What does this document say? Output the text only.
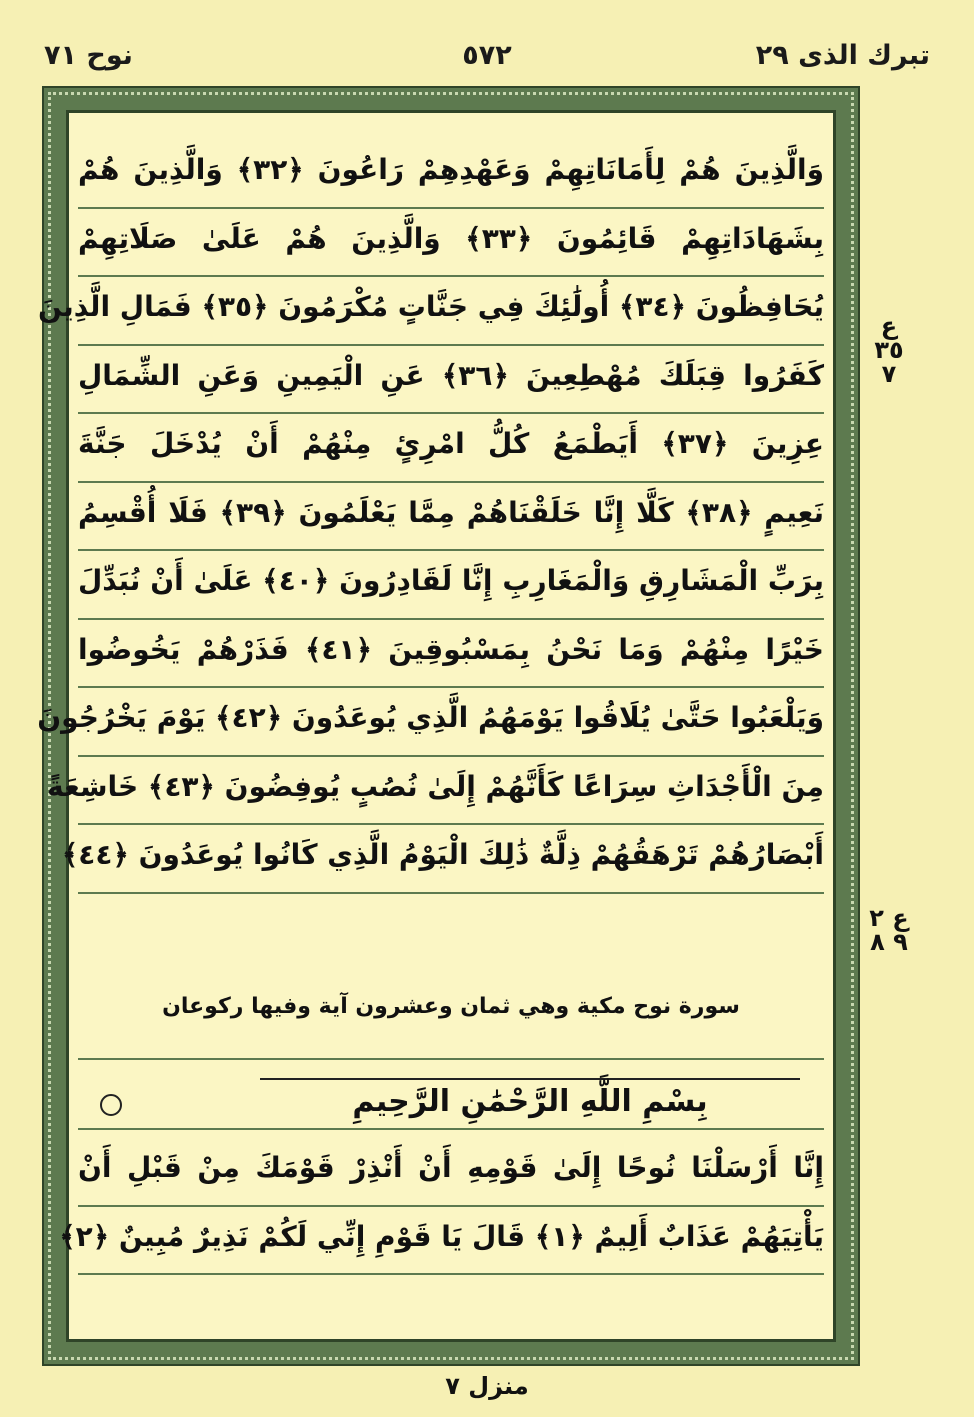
تبرك الذى ٢٩
٥٧٢
نوح ٧١
وَالَّذِينَ هُمْ لِأَمَانَاتِهِمْ وَعَهْدِهِمْ رَاعُونَ ﴿٣٢﴾ وَالَّذِينَ هُمْ
بِشَهَادَاتِهِمْ قَائِمُونَ ﴿٣٣﴾ وَالَّذِينَ هُمْ عَلَىٰ صَلَاتِهِمْ
يُحَافِظُونَ ﴿٣٤﴾ أُولَٰئِكَ فِي جَنَّاتٍ مُكْرَمُونَ ﴿٣٥﴾ فَمَالِ الَّذِينَ
كَفَرُوا قِبَلَكَ مُهْطِعِينَ ﴿٣٦﴾ عَنِ الْيَمِينِ وَعَنِ الشِّمَالِ
عِزِينَ ﴿٣٧﴾ أَيَطْمَعُ كُلُّ امْرِئٍ مِنْهُمْ أَنْ يُدْخَلَ جَنَّةَ
نَعِيمٍ ﴿٣٨﴾ كَلَّا إِنَّا خَلَقْنَاهُمْ مِمَّا يَعْلَمُونَ ﴿٣٩﴾ فَلَا أُقْسِمُ
بِرَبِّ الْمَشَارِقِ وَالْمَغَارِبِ إِنَّا لَقَادِرُونَ ﴿٤٠﴾ عَلَىٰ أَنْ نُبَدِّلَ
خَيْرًا مِنْهُمْ وَمَا نَحْنُ بِمَسْبُوقِينَ ﴿٤١﴾ فَذَرْهُمْ يَخُوضُوا
وَيَلْعَبُوا حَتَّىٰ يُلَاقُوا يَوْمَهُمُ الَّذِي يُوعَدُونَ ﴿٤٢﴾ يَوْمَ يَخْرُجُونَ
مِنَ الْأَجْدَاثِ سِرَاعًا كَأَنَّهُمْ إِلَىٰ نُصُبٍ يُوفِضُونَ ﴿٤٣﴾ خَاشِعَةً
أَبْصَارُهُمْ تَرْهَقُهُمْ ذِلَّةٌ ذَٰلِكَ الْيَوْمُ الَّذِي كَانُوا يُوعَدُونَ ﴿٤٤﴾
سورة نوح مكية وهي ثمان وعشرون آية وفيها ركوعان
بِسْمِ اللَّهِ الرَّحْمَٰنِ الرَّحِيمِ
إِنَّا أَرْسَلْنَا نُوحًا إِلَىٰ قَوْمِهِ أَنْ أَنْذِرْ قَوْمَكَ مِنْ قَبْلِ أَنْ
يَأْتِيَهُمْ عَذَابٌ أَلِيمٌ ﴿١﴾ قَالَ يَا قَوْمِ إِنِّي لَكُمْ نَذِيرٌ مُبِينٌ ﴿٢﴾
ع ٣٥ ٧
ع ٢ ٩ ٨
منزل ٧
